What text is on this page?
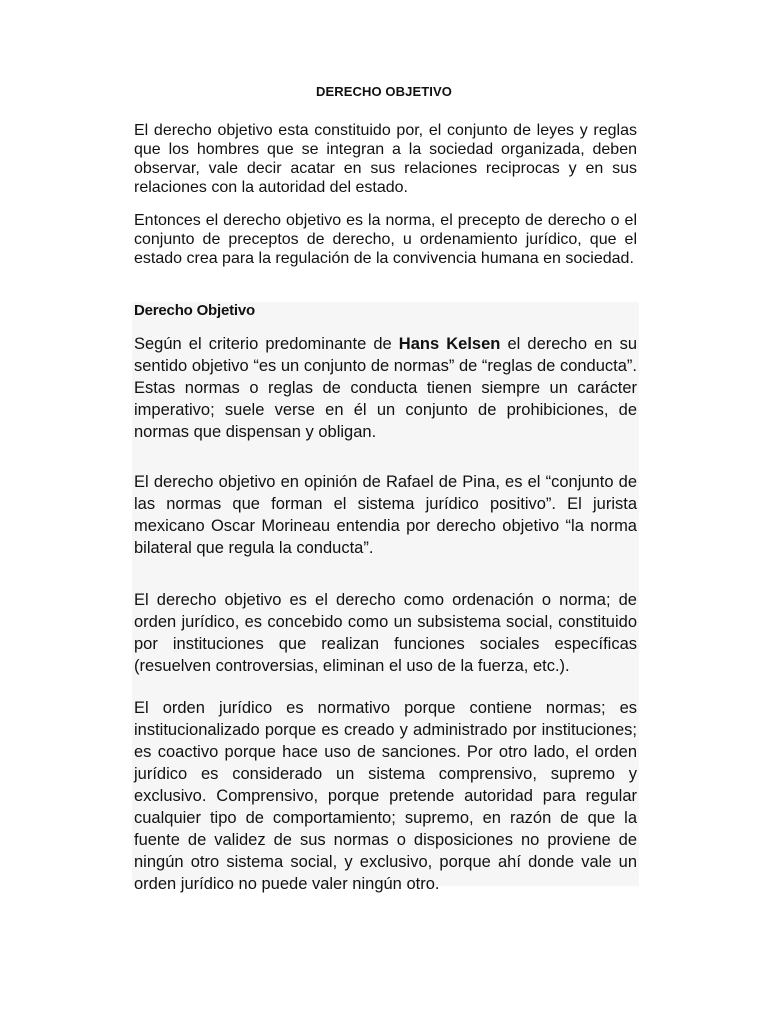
DERECHO OBJETIVO

El derecho objetivo esta constituido por, el conjunto de leyes y reglas que los hombres que se integran a la sociedad organizada, deben observar, vale decir acatar en sus relaciones reciprocas y en sus relaciones con la autoridad del estado.

Entonces el derecho objetivo es la norma, el precepto de derecho o el conjunto de preceptos de derecho, u ordenamiento jurídico, que el estado crea para la regulación de la convivencia humana en sociedad.

Derecho Objetivo

Según el criterio predominante de Hans Kelsen el derecho en su sentido objetivo “es un conjunto de normas” de “reglas de conducta”. Estas normas o reglas de conducta tienen siempre un carácter imperativo; suele verse en él un conjunto de prohibiciones, de normas que dispensan y obligan.

El derecho objetivo en opinión de Rafael de Pina, es el “conjunto de las normas que forman el sistema jurídico positivo”. El jurista mexicano Oscar Morineau entendia por derecho objetivo “la norma bilateral que regula la conducta”.

El derecho objetivo es el derecho como ordenación o norma; de orden jurídico, es concebido como un subsistema social, constituido por instituciones que realizan funciones sociales específicas (resuelven controversias, eliminan el uso de la fuerza, etc.).

El orden jurídico es normativo porque contiene normas; es institucionalizado porque es creado y administrado por instituciones; es coactivo porque hace uso de sanciones. Por otro lado, el orden jurídico es considerado un sistema comprensivo, supremo y exclusivo. Comprensivo, porque pretende autoridad para regular cualquier tipo de comportamiento; supremo, en razón de que la fuente de validez de sus normas o disposiciones no proviene de ningún otro sistema social, y exclusivo, porque ahí donde vale un orden jurídico no puede valer ningún otro.
